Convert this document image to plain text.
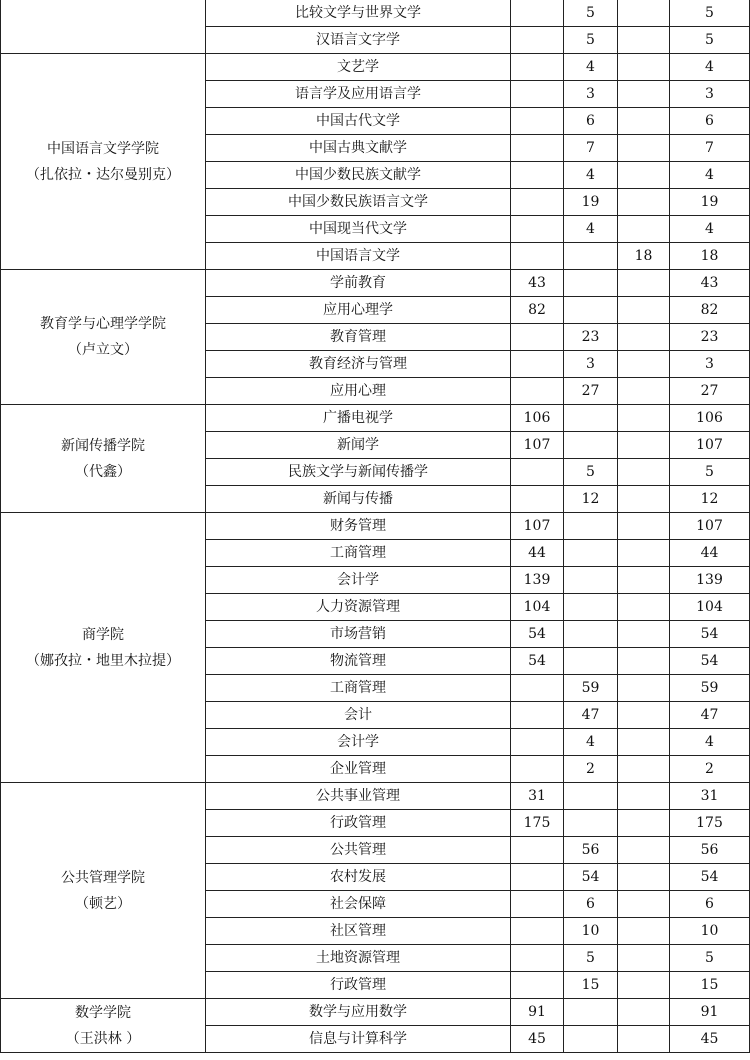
	比较文学与世界文学		5		5
	汉语言文字学		5		5

中国语言文学学院
（扎依拉・达尔曼别克）	文艺学		4		4
	语言学及应用语言学		3		3
	中国古代文学		6		6
	中国古典文献学		7		7
	中国少数民族文献学		4		4
	中国少数民族语言文学		19		19
	中国现当代文学		4		4
	中国语言文学			18	18

教育学与心理学学院
（卢立文）	学前教育	43			43
	应用心理学	82			82
	教育管理		23		23
	教育经济与管理		3		3
	应用心理		27		27

新闻传播学院
（代鑫）	广播电视学	106			106
	新闻学	107			107
	民族文学与新闻传播学		5		5
	新闻与传播		12		12

商学院
（娜孜拉・地里木拉提）	财务管理	107			107
	工商管理	44			44
	会计学	139			139
	人力资源管理	104			104
	市场营销	54			54
	物流管理	54			54
	工商管理		59		59
	会计		47		47
	会计学		4		4
	企业管理		2		2

公共管理学院
（顿艺）	公共事业管理	31			31
	行政管理	175			175
	公共管理		56		56
	农村发展		54		54
	社会保障		6		6
	社区管理		10		10
	土地资源管理		5		5
	行政管理		15		15

数学学院
（王洪林 ）	数学与应用数学	91			91
	信息与计算科学	45			45
